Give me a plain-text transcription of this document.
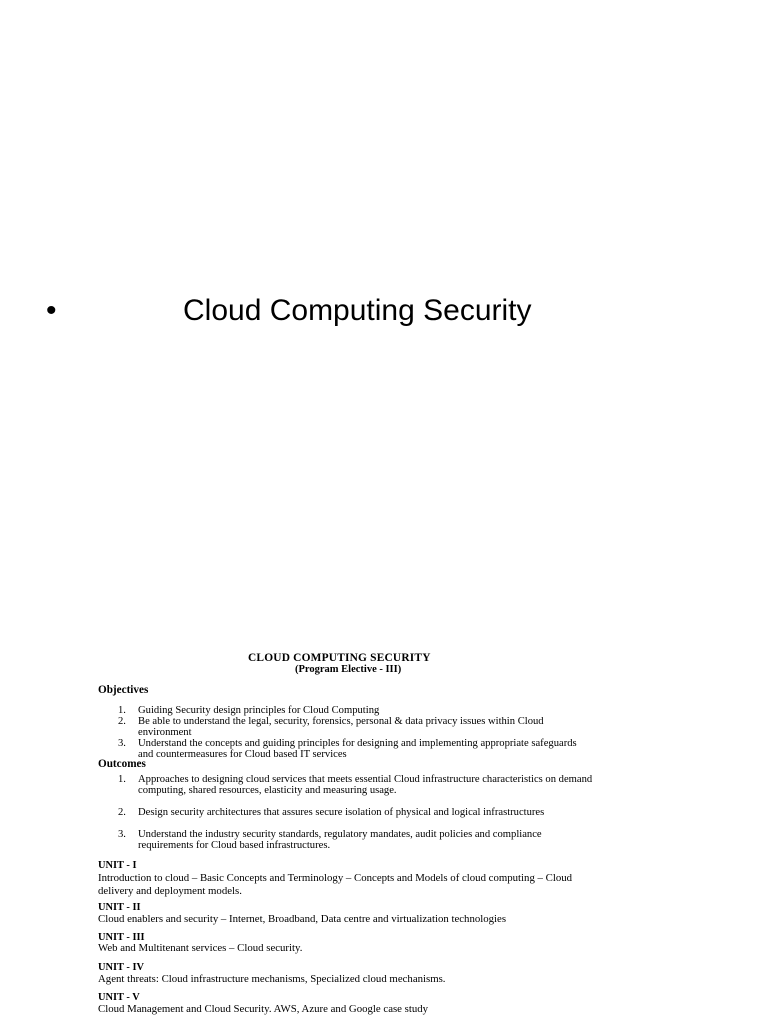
•	Cloud Computing Security
CLOUD COMPUTING SECURITY
(Program Elective - III)
Objectives
1. Guiding Security design principles for Cloud Computing
2. Be able to understand the legal, security, forensics, personal & data privacy issues within Cloud environment
3. Understand the concepts and guiding principles for designing and implementing appropriate safeguards and countermeasures for Cloud based IT services
Outcomes
1. Approaches to designing cloud services that meets essential Cloud infrastructure characteristics on demand computing, shared resources, elasticity and measuring usage.
2. Design security architectures that assures secure isolation of physical and logical infrastructures
3. Understand the industry security standards, regulatory mandates, audit policies and compliance requirements for Cloud based infrastructures.
UNIT - I
Introduction to cloud – Basic Concepts and Terminology – Concepts and Models of cloud computing – Cloud delivery and deployment models.
UNIT - II
Cloud enablers and security – Internet, Broadband, Data centre and virtualization technologies
UNIT - III
Web and Multitenant services – Cloud security.
UNIT - IV
Agent threats: Cloud infrastructure mechanisms, Specialized cloud mechanisms.
UNIT - V
Cloud Management and Cloud Security. AWS, Azure and Google case study
